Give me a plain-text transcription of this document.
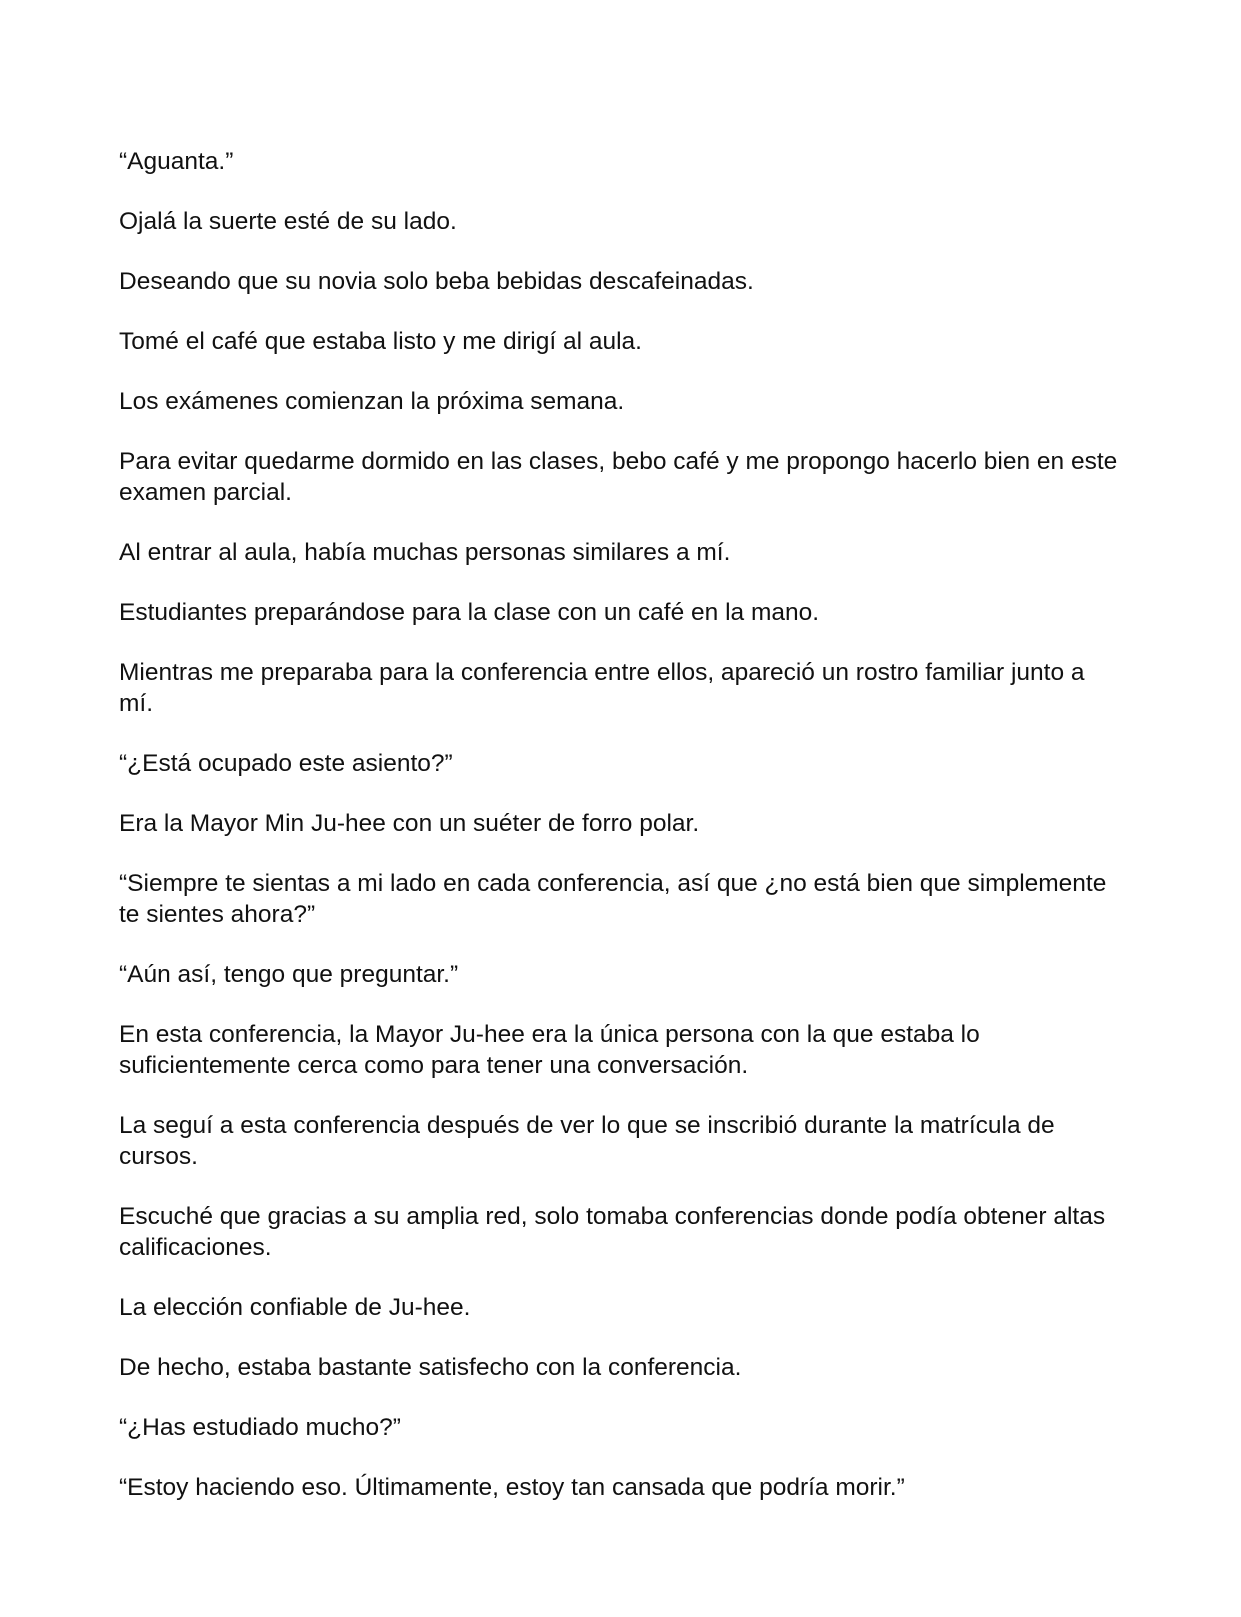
“Aguanta.”

Ojalá la suerte esté de su lado.

Deseando que su novia solo beba bebidas descafeinadas.

Tomé el café que estaba listo y me dirigí al aula.

Los exámenes comienzan la próxima semana.

Para evitar quedarme dormido en las clases, bebo café y me propongo hacerlo bien en este examen parcial.

Al entrar al aula, había muchas personas similares a mí.

Estudiantes preparándose para la clase con un café en la mano.

Mientras me preparaba para la conferencia entre ellos, apareció un rostro familiar junto a mí.

“¿Está ocupado este asiento?”

Era la Mayor Min Ju-hee con un suéter de forro polar.

“Siempre te sientas a mi lado en cada conferencia, así que ¿no está bien que simplemente te sientes ahora?”

“Aún así, tengo que preguntar.”

En esta conferencia, la Mayor Ju-hee era la única persona con la que estaba lo suficientemente cerca como para tener una conversación.

La seguí a esta conferencia después de ver lo que se inscribió durante la matrícula de cursos.

Escuché que gracias a su amplia red, solo tomaba conferencias donde podía obtener altas calificaciones.

La elección confiable de Ju-hee.

De hecho, estaba bastante satisfecho con la conferencia.

“¿Has estudiado mucho?”

“Estoy haciendo eso. Últimamente, estoy tan cansada que podría morir.”
